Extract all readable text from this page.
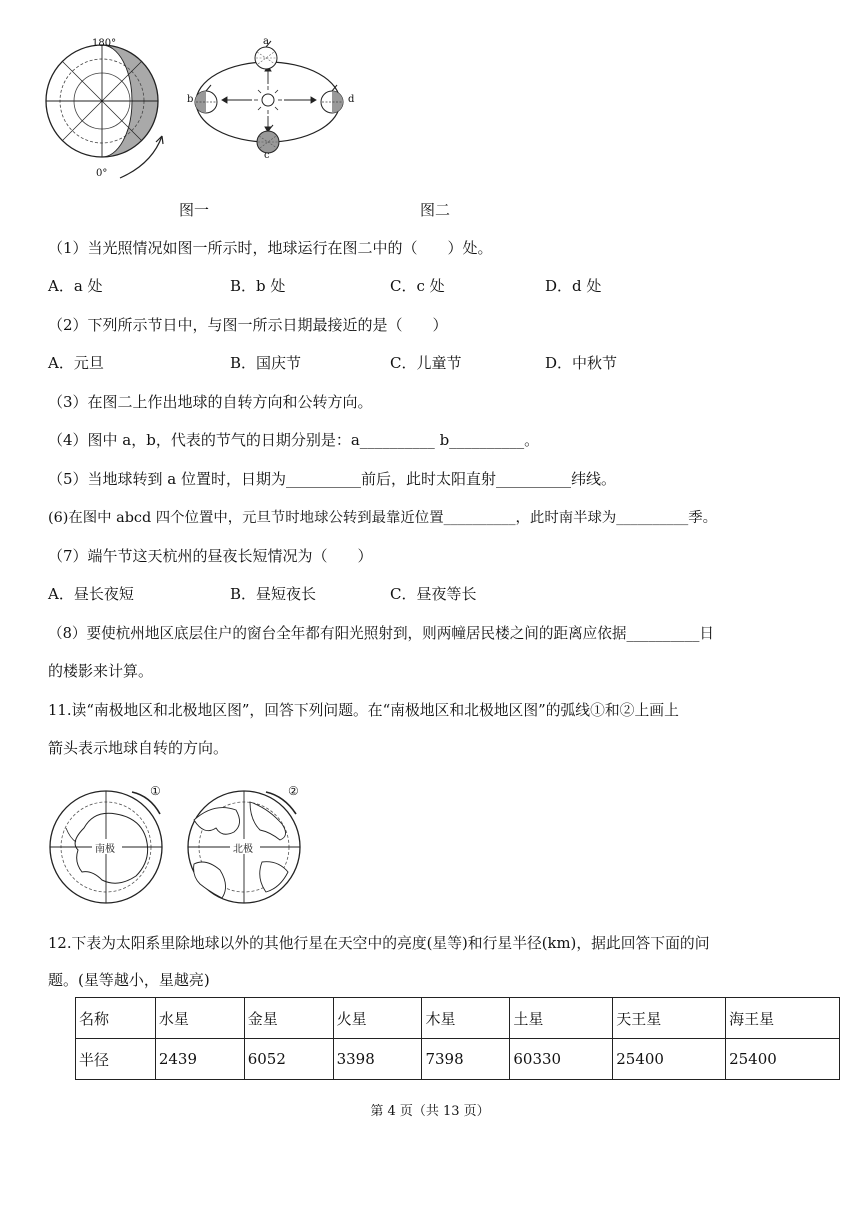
180°
0°
a
b
c
d
图一	图二
（1）当光照情况如图一所示时，地球运行在图二中的（　　）处。
A．a 处	B．b 处	C．c 处	D．d 处
（2）下列所示节日中，与图一所示日期最接近的是（　　）
A．元旦	B．国庆节	C．儿童节	D．中秋节
（3）在图二上作出地球的自转方向和公转方向。
（4）图中 a，b，代表的节气的日期分别是：a__________ b__________。
（5）当地球转到 a 位置时，日期为__________前后，此时太阳直射__________纬线。
(6)在图中 abcd 四个位置中，元旦节时地球公转到最靠近位置__________，此时南半球为__________季。
（7）端午节这天杭州的昼夜长短情况为（　　）
A．昼长夜短	B．昼短夜长	C．昼夜等长
（8）要使杭州地区底层住户的窗台全年都有阳光照射到，则两幢居民楼之间的距离应依据__________日
的楼影来计算。
11.读“南极地区和北极地区图”，回答下列问题。在“南极地区和北极地区图”的弧线①和②上画上
箭头表示地球自转的方向。
①	②
南极	北极
12.下表为太阳系里除地球以外的其他行星在天空中的亮度(星等)和行星半径(km)，据此回答下面的问
题。(星等越小，星越亮)
名称	水星	金星	火星	木星	土星	天王星	海王星
半径	2439	6052	3398	7398	60330	25400	25400
第 4 页（共 13 页）
